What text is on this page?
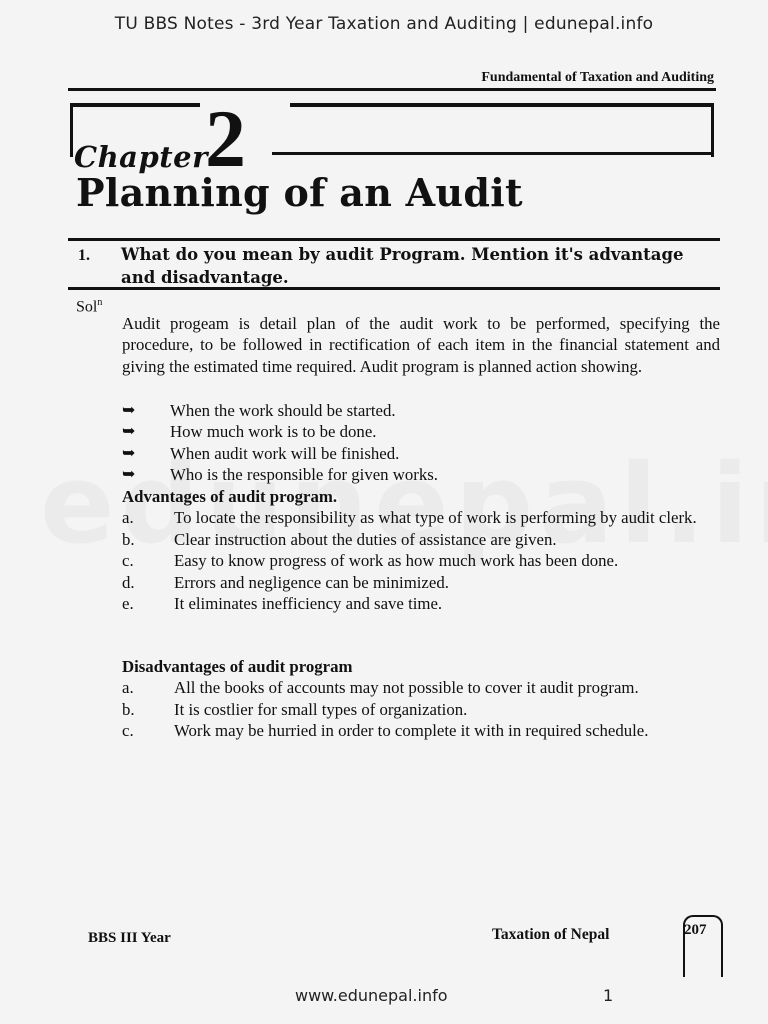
TU BBS Notes - 3rd Year Taxation and Auditing | edunepal.info
Fundamental of Taxation and Auditing
Chapter
2
Planning of an Audit
1. What do you mean by audit Program. Mention it's advantage and disadvantage.
Sol$^n$
Audit progeam is detail plan of the audit work to be performed, specifying the procedure, to be followed in rectification of each item in the financial statement and giving the estimated time required. Audit program is planned action showing.
➥	When the work should be started.
➥	How much work is to be done.
➥	When audit work will be finished.
➥	Who is the responsible for given works.
Advantages of audit program.
a.	To locate the responsibility as what type of work is performing by audit clerk.
b.	Clear instruction about the duties of assistance are given.
c.	Easy to know progress of work as how much work has been done.
d.	Errors and negligence can be minimized.
e.	It eliminates inefficiency and save time.
Disadvantages of audit program
a.	All the books of accounts may not possible to cover it audit program.
b.	It is costlier for small types of organization.
c.	Work may be hurried in order to complete it with in required schedule.
BBS III Year	Taxation of Nepal	207
www.edunepal.info	1
